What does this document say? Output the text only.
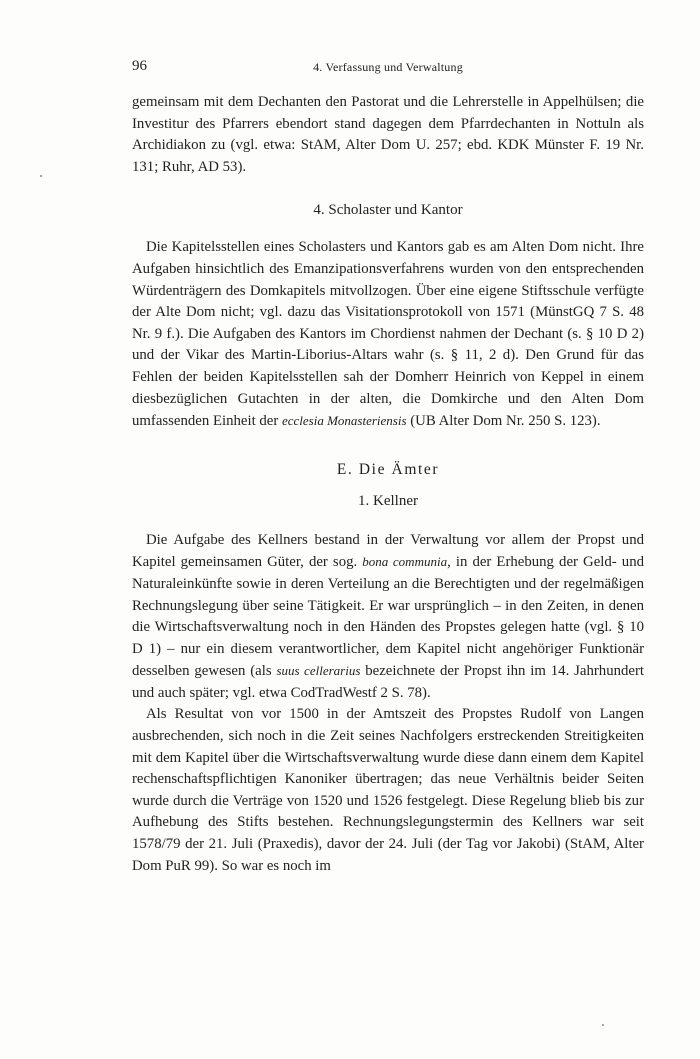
96	4. Verfassung und Verwaltung

gemeinsam mit dem Dechanten den Pastorat und die Lehrerstelle in Appelhülsen; die Investitur des Pfarrers ebendort stand dagegen dem Pfarrdechanten in Nottuln als Archidiakon zu (vgl. etwa: StAM, Alter Dom U. 257; ebd. KDK Münster F. 19 Nr. 131; Ruhr, AD 53).

4. Scholaster und Kantor

Die Kapitelsstellen eines Scholasters und Kantors gab es am Alten Dom nicht. Ihre Aufgaben hinsichtlich des Emanzipationsverfahrens wurden von den entsprechenden Würdenträgern des Domkapitels mitvollzogen. Über eine eigene Stiftsschule verfügte der Alte Dom nicht; vgl. dazu das Visitationsprotokoll von 1571 (MünstGQ 7 S. 48 Nr. 9 f.). Die Aufgaben des Kantors im Chordienst nahmen der Dechant (s. § 10 D 2) und der Vikar des Martin-Liborius-Altars wahr (s. § 11, 2 d). Den Grund für das Fehlen der beiden Kapitelsstellen sah der Domherr Heinrich von Keppel in einem diesbezüglichen Gutachten in der alten, die Domkirche und den Alten Dom umfassenden Einheit der ecclesia Monasteriensis (UB Alter Dom Nr. 250 S. 123).

E. Die Ämter
1. Kellner

Die Aufgabe des Kellners bestand in der Verwaltung vor allem der Propst und Kapitel gemeinsamen Güter, der sog. bona communia, in der Erhebung der Geld- und Naturaleinkünfte sowie in deren Verteilung an die Berechtigten und der regelmäßigen Rechnungslegung über seine Tätigkeit. Er war ursprünglich – in den Zeiten, in denen die Wirtschaftsverwaltung noch in den Händen des Propstes gelegen hatte (vgl. § 10 D 1) – nur ein diesem verantwortlicher, dem Kapitel nicht angehöriger Funktionär desselben gewesen (als suus cellerarius bezeichnete der Propst ihn im 14. Jahrhundert und auch später; vgl. etwa CodTradWestf 2 S. 78).

Als Resultat von vor 1500 in der Amtszeit des Propstes Rudolf von Langen ausbrechenden, sich noch in die Zeit seines Nachfolgers erstreckenden Streitigkeiten mit dem Kapitel über die Wirtschaftsverwaltung wurde diese dann einem dem Kapitel rechenschaftspflichtigen Kanoniker übertragen; das neue Verhältnis beider Seiten wurde durch die Verträge von 1520 und 1526 festgelegt. Diese Regelung blieb bis zur Aufhebung des Stifts bestehen. Rechnungslegungstermin des Kellners war seit 1578/79 der 21. Juli (Praxedis), davor der 24. Juli (der Tag vor Jakobi) (StAM, Alter Dom PuR 99). So war es noch im
